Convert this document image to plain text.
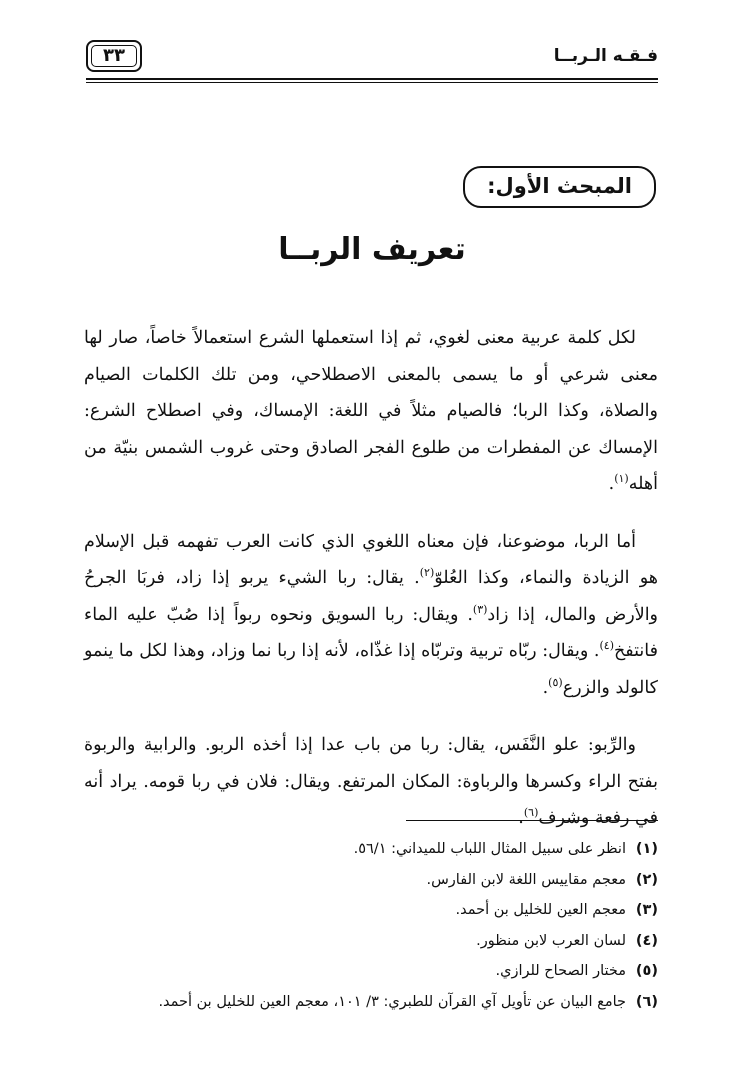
فـقـه الـربــا
٣٣
المبحث الأول:
تعريف الربــا

لكل كلمة عربية معنى لغوي، ثم إذا استعملها الشرع استعمالاً خاصاً، صار لها معنى شرعي أو ما يسمى بالمعنى الاصطلاحي، ومن تلك الكلمات الصيام والصلاة، وكذا الربا؛ فالصيام مثلاً في اللغة: الإمساك، وفي اصطلاح الشرع: الإمساك عن المفطرات من طلوع الفجر الصادق وحتى غروب الشمس بنيّة من أهله$^{(١)}$.

أما الربا، موضوعنا، فإن معناه اللغوي الذي كانت العرب تفهمه قبل الإسلام هو الزيادة والنماء، وكذا العُلوّ$^{(٢)}$. يقال: ربا الشيء يربو إذا زاد، فربَا الجرحُ والأرض والمال، إذا زاد$^{(٣)}$. ويقال: ربا السويق ونحوه ربواً إذا صُبّ عليه الماء فانتفخ$^{(٤)}$. ويقال: ربّاه تربية وتربّاه إذا غذّاه، لأنه إذا ربا نما وزاد، وهذا لكل ما ينمو كالولد والزرع$^{(٥)}$.

والرِّبو: علو النَّفَس، يقال: ربا من باب عدا إذا أخذه الربو. والرابية والربوة بفتح الراء وكسرها والرباوة: المكان المرتفع. ويقال: فلان في ربا قومه. يراد أنه في رفعة وشرف$^{(٦)}$.

(١)انظر على سبيل المثال اللباب للميداني: ٥٦/١.
(٢)معجم مقاييس اللغة لابن الفارس.
(٣)معجم العين للخليل بن أحمد.
(٤)لسان العرب لابن منظور.
(٥)مختار الصحاح للرازي.
(٦)جامع البيان عن تأويل آي القرآن للطبري: ٣/ ١٠١، معجم العين للخليل بن أحمد.
